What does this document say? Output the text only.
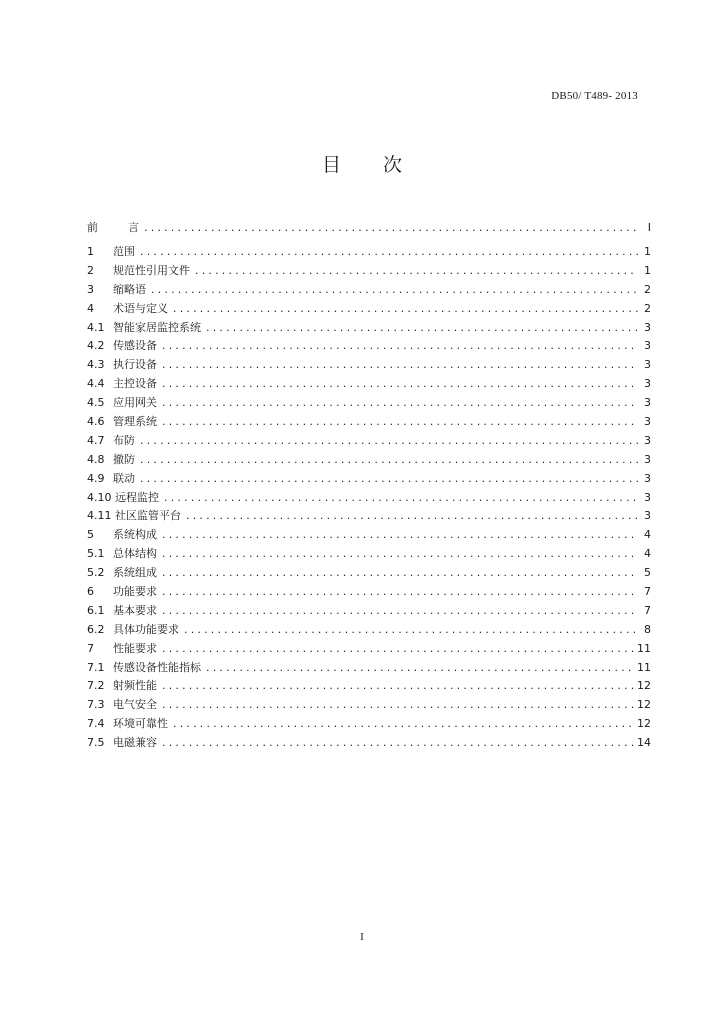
DB50/ T489- 2013
目 次
前	言 .....	I
1	范围 .....	1
2	规范性引用文件 .....	1
3	缩略语 .....	2
4	术语与定义 .....	2
4.1 智能家居监控系统 .....	3
4.2 传感设备 .....	3
4.3 执行设备 .....	3
4.4 主控设备 .....	3
4.5 应用网关 .....	3
4.6 管理系统 .....	3
4.7 布防 .....	3
4.8 撤防 .....	3
4.9 联动 .....	3
4.10 远程监控 .....	3
4.11 社区监管平台 .....	3
5	系统构成 .....	4
5.1 总体结构 .....	4
5.2 系统组成 .....	5
6	功能要求 .....	7
6.1 基本要求 .....	7
6.2 具体功能要求 .....	8
7	性能要求 .....	11
7.1 传感设备性能指标 .....	11
7.2 射频性能 .....	12
7.3 电气安全 .....	12
7.4 环境可靠性 .....	12
7.5 电磁兼容 .....	14
I
